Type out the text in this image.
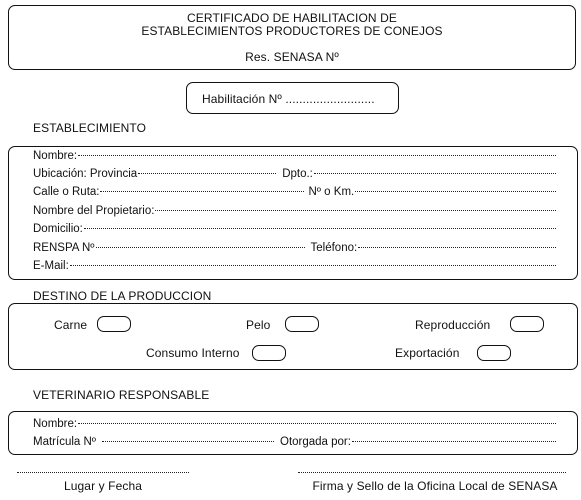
CERTIFICADO DE HABILITACION DE
ESTABLECIMIENTOS PRODUCTORES DE CONEJOS
Res. SENASA Nº
Habilitación Nº ..........................
ESTABLECIMIENTO
Nombre:
Ubicación: Provincia	Dpto.:
Calle o Ruta:	Nº o Km.
Nombre del Propietario:
Domicilio:
RENSPA Nº	Teléfono:
E-Mail:
DESTINO DE LA PRODUCCION
Carne	Pelo	Reproducción
Consumo Interno	Exportación
VETERINARIO RESPONSABLE
Nombre:
Matrícula Nº	Otorgada por:
Lugar y Fecha	Firma y Sello de la Oficina Local de SENASA
